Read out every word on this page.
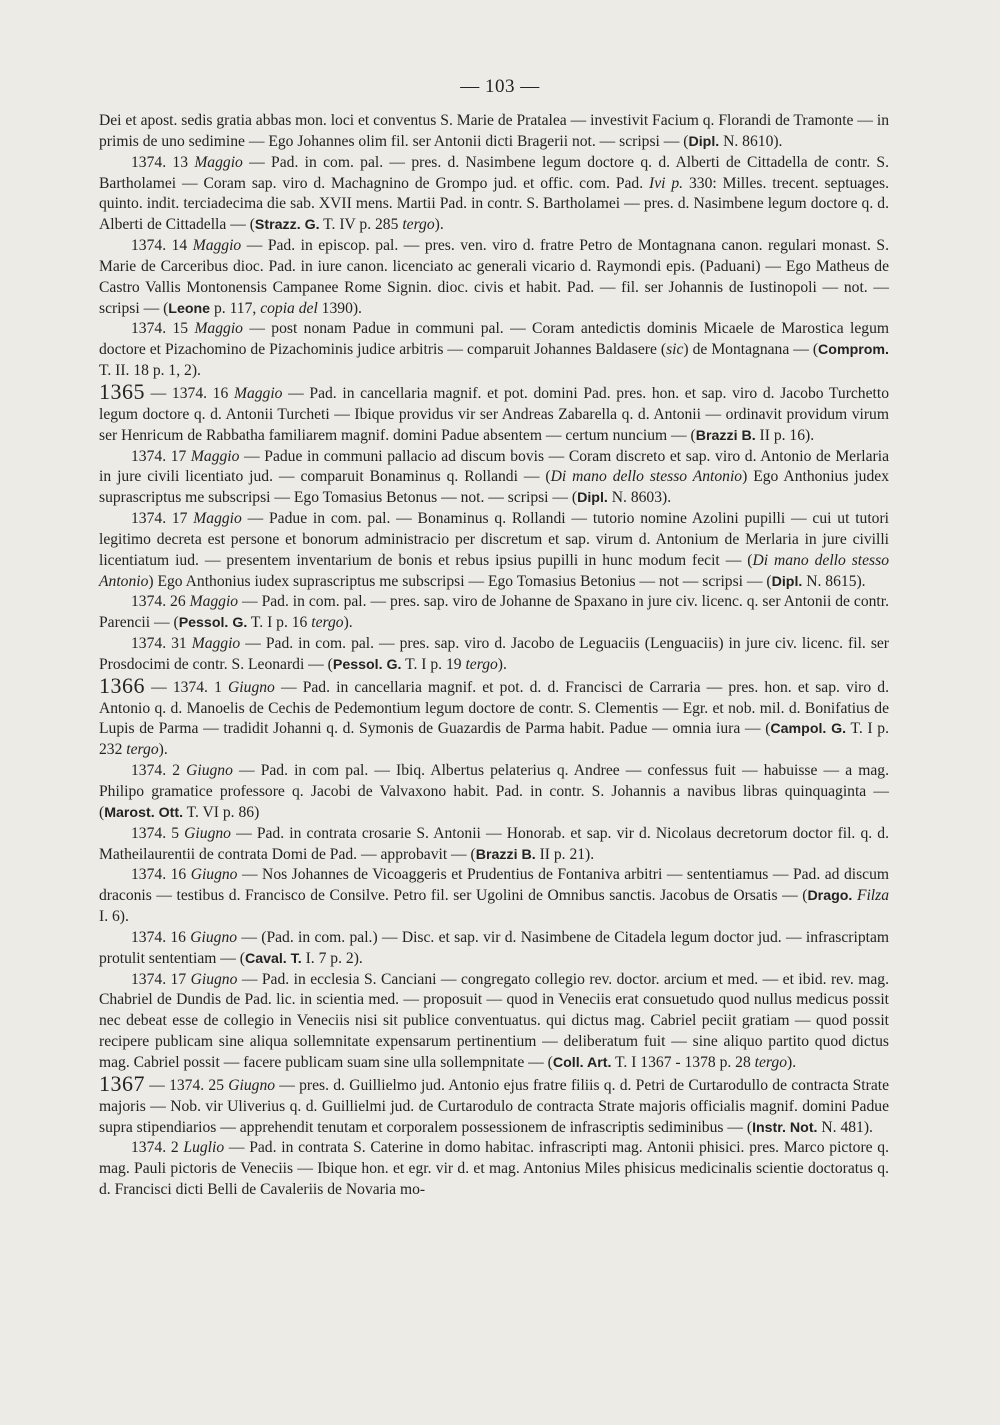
— 103 —

Dei et apost. sedis gratia abbas mon. loci et conventus S. Marie de Pratalea — investivit Facium q. Florandi de Tramonte — in primis de uno sedimine — Ego Johannes olim fil. ser Antonii dicti Bragerii not. — scripsi — (Dipl. N. 8610).

1374. 13 Maggio — Pad. in com. pal. — pres. d. Nasimbene legum doctore q. d. Alberti de Cittadella de contr. S. Bartholamei — Coram sap. viro d. Machagnino de Grompo jud. et offic. com. Pad. Ivi p. 330: Milles. trecent. septuages. quinto. indit. terciadecima die sab. XVII mens. Martii Pad. in contr. S. Bartholamei — pres. d. Nasimbene legum doctore q. d. Alberti de Cittadella — (Strazz. G. T. IV p. 285 tergo).

1374. 14 Maggio — Pad. in episcop. pal. — pres. ven. viro d. fratre Petro de Montagnana canon. regulari monast. S. Marie de Carceribus dioc. Pad. in iure canon. licenciato ac generali vicario d. Raymondi epis. (Paduani) — Ego Matheus de Castro Vallis Montonensis Campanee Rome Signin. dioc. civis et habit. Pad. — fil. ser Johannis de Iustinopoli — not. — scripsi — (Leone p. 117, copia del 1390).

1374. 15 Maggio — post nonam Padue in communi pal. — Coram antedictis dominis Micaele de Marostica legum doctore et Pizachomino de Pizachominis judice arbitris — comparuit Johannes Baldasere (sic) de Montagnana — (Comprom. T. II. 18 p. 1, 2).

1365 — 1374. 16 Maggio — Pad. in cancellaria magnif. et pot. domini Pad. pres. hon. et sap. viro d. Jacobo Turchetto legum doctore q. d. Antonii Turcheti — Ibique providus vir ser Andreas Zabarella q. d. Antonii — ordinavit providum virum ser Henricum de Rabbatha familiarem magnif. domini Padue absentem — certum nuncium — (Brazzi B. II p. 16).

1374. 17 Maggio — Padue in communi pallacio ad discum bovis — Coram discreto et sap. viro d. Antonio de Merlaria in jure civili licentiato jud. — comparuit Bonaminus q. Rollandi — (Di mano dello stesso Antonio) Ego Anthonius judex suprascriptus me subscripsi — Ego Tomasius Betonus — not. — scripsi — (Dipl. N. 8603).

1374. 17 Maggio — Padue in com. pal. — Bonaminus q. Rollandi — tutorio nomine Azolini pupilli — cui ut tutori legitimo decreta est persone et bonorum administracio per discretum et sap. virum d. Antonium de Merlaria in jure civilli licentiatum iud. — presentem inventarium de bonis et rebus ipsius pupilli in hunc modum fecit — (Di mano dello stesso Antonio) Ego Anthonius iudex suprascriptus me subscripsi — Ego Tomasius Betonius — not — scripsi — (Dipl. N. 8615).

1374. 26 Maggio — Pad. in com. pal. — pres. sap. viro de Johanne de Spaxano in jure civ. licenc. q. ser Antonii de contr. Parencii — (Pessol. G. T. I p. 16 tergo).

1374. 31 Maggio — Pad. in com. pal. — pres. sap. viro d. Jacobo de Leguaciis (Lenguaciis) in jure civ. licenc. fil. ser Prosdocimi de contr. S. Leonardi — (Pessol. G. T. I p. 19 tergo).

1366 — 1374. 1 Giugno — Pad. in cancellaria magnif. et pot. d. d. Francisci de Carraria — pres. hon. et sap. viro d. Antonio q. d. Manoelis de Cechis de Pedemontium legum doctore de contr. S. Clementis — Egr. et nob. mil. d. Bonifatius de Lupis de Parma — tradidit Johanni q. d. Symonis de Guazardis de Parma habit. Padue — omnia iura — (Campol. G. T. I p. 232 tergo).

1374. 2 Giugno — Pad. in com pal. — Ibiq. Albertus pelaterius q. Andree — confessus fuit — habuisse — a mag. Philipo gramatice professore q. Jacobi de Valvaxono habit. Pad. in contr. S. Johannis a navibus libras quinquaginta — (Marost. Ott. T. VI p. 86)

1374. 5 Giugno — Pad. in contrata crosarie S. Antonii — Honorab. et sap. vir d. Nicolaus decretorum doctor fil. q. d. Matheilaurentii de contrata Domi de Pad. — approbavit — (Brazzi B. II p. 21).

1374. 16 Giugno — Nos Johannes de Vicoaggeris et Prudentius de Fontaniva arbitri — sententiamus — Pad. ad discum draconis — testibus d. Francisco de Consilve. Petro fil. ser Ugolini de Omnibus sanctis. Jacobus de Orsatis — (Drago. Filza I. 6).

1374. 16 Giugno — (Pad. in com. pal.) — Disc. et sap. vir d. Nasimbene de Citadela legum doctor jud. — infrascriptam protulit sententiam — (Caval. T. I. 7 p. 2).

1374. 17 Giugno — Pad. in ecclesia S. Canciani — congregato collegio rev. doctor. arcium et med. — et ibid. rev. mag. Chabriel de Dundis de Pad. lic. in scientia med. — proposuit — quod in Veneciis erat consuetudo quod nullus medicus possit nec debeat esse de collegio in Veneciis nisi sit publice conventuatus. qui dictus mag. Cabriel peciit gratiam — quod possit recipere publicam sine aliqua sollemnitate expensarum pertinentium — deliberatum fuit — sine aliquo partito quod dictus mag. Cabriel possit — facere publicam suam sine ulla sollempnitate — (Coll. Art. T. I 1367 - 1378 p. 28 tergo).

1367 — 1374. 25 Giugno — pres. d. Guillielmo jud. Antonio ejus fratre filiis q. d. Petri de Curtarodullo de contracta Strate majoris — Nob. vir Uliverius q. d. Guillielmi jud. de Curtarodulo de contracta Strate majoris officialis magnif. domini Padue supra stipendiarios — apprehendit tenutam et corporalem possessionem de infrascriptis sediminibus — (Instr. Not. N. 481).

1374. 2 Luglio — Pad. in contrata S. Caterine in domo habitac. infrascripti mag. Antonii phisici. pres. Marco pictore q. mag. Pauli pictoris de Veneciis — Ibique hon. et egr. vir d. et mag. Antonius Miles phisicus medicinalis scientie doctoratus q. d. Francisci dicti Belli de Cavaleriis de Novaria mo-
